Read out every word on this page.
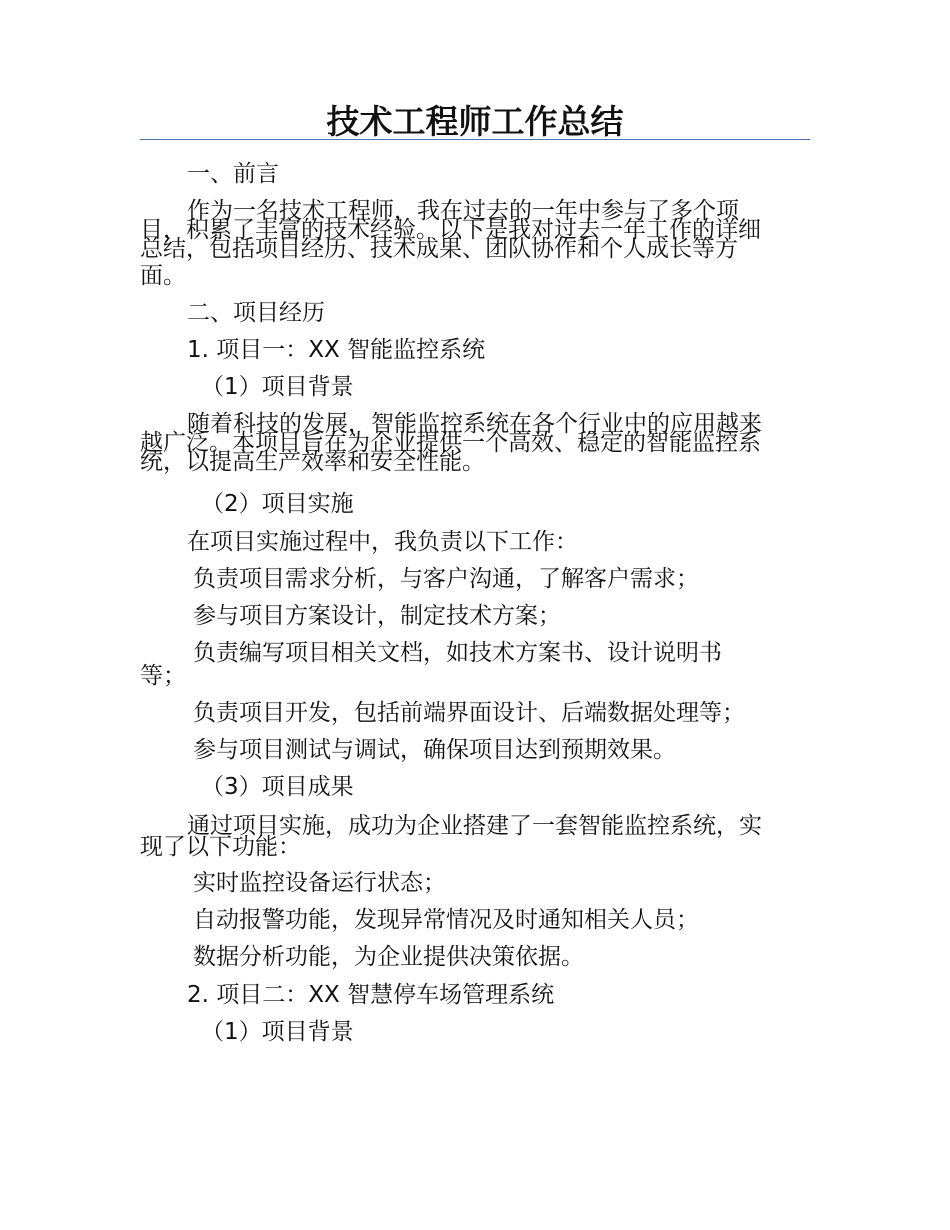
技术工程师工作总结
一、前言
作为一名技术工程师，我在过去的一年中参与了多个项
目，积累了丰富的技术经验。以下是我对过去一年工作的详细
总结，包括项目经历、技术成果、团队协作和个人成长等方
面。
二、项目经历
1. 项目一：XX 智能监控系统
（1）项目背景
随着科技的发展，智能监控系统在各个行业中的应用越来
越广泛。本项目旨在为企业提供一个高效、稳定的智能监控系
统，以提高生产效率和安全性能。
（2）项目实施
在项目实施过程中，我负责以下工作：
负责项目需求分析，与客户沟通，了解客户需求；
参与项目方案设计，制定技术方案；
负责编写项目相关文档，如技术方案书、设计说明书
等；
负责项目开发，包括前端界面设计、后端数据处理等；
参与项目测试与调试，确保项目达到预期效果。
（3）项目成果
通过项目实施，成功为企业搭建了一套智能监控系统，实
现了以下功能：
实时监控设备运行状态；
自动报警功能，发现异常情况及时通知相关人员；
数据分析功能，为企业提供决策依据。
2. 项目二：XX 智慧停车场管理系统
（1）项目背景
